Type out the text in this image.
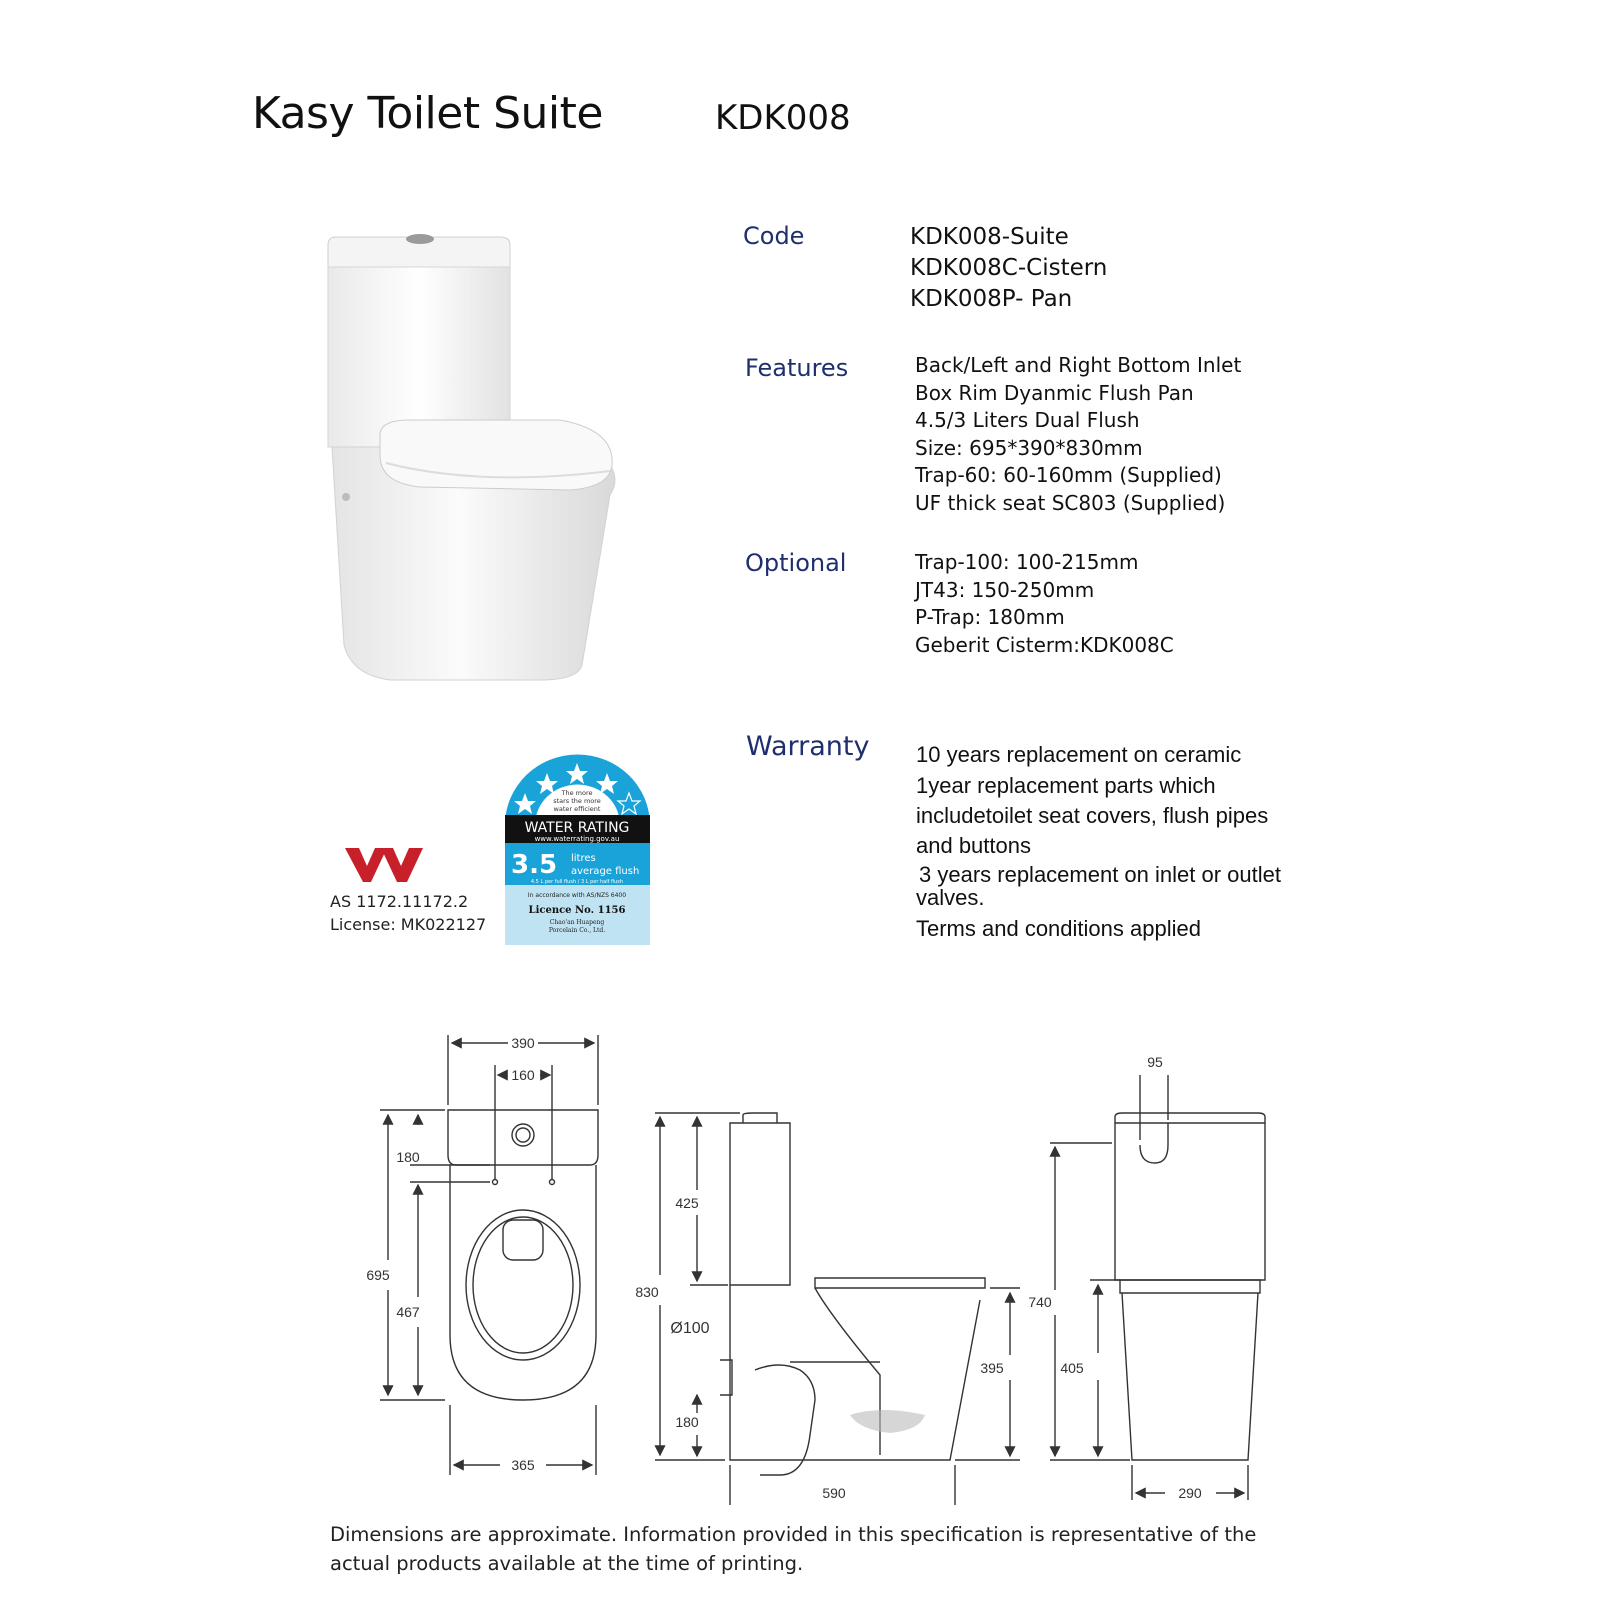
Kasy Toilet Suite	KDK008
Code	KDK008-Suite
KDK008C-Cistern
KDK008P- Pan
Features	Back/Left and Right Bottom Inlet
Box Rim Dyanmic Flush Pan
4.5/3 Liters Dual Flush
Size: 695*390*830mm
Trap-60: 60-160mm (Supplied)
UF thick seat SC803 (Supplied)
Optional	Trap-100: 100-215mm
JT43: 150-250mm
P-Trap: 180mm
Geberit Cisterm:KDK008C
Warranty 10 years replacement on ceramic
1year replacement parts which
includetoilet seat covers, flush pipes
and buttons
3 years replacement on inlet or outlet
valves.
Terms and conditions applied
AS 1172.11172.2
License: MK022127
The more
stars the more
water efficient
WATER RATING
www.waterrating.gov.au
3.5 litres
average flush
4.5 L per full flush / 3 L per half flush
In accordance with AS/NZS 6400
Licence No. 1156
Chao'an Huapeng
Porcelain Co., Ltd.
390
160
180
695
467
365
425
830
Ø100
180
395
590
95
740
405
290
Dimensions are approximate. Information provided in this specification is representative of the
actual products available at the time of printing.
